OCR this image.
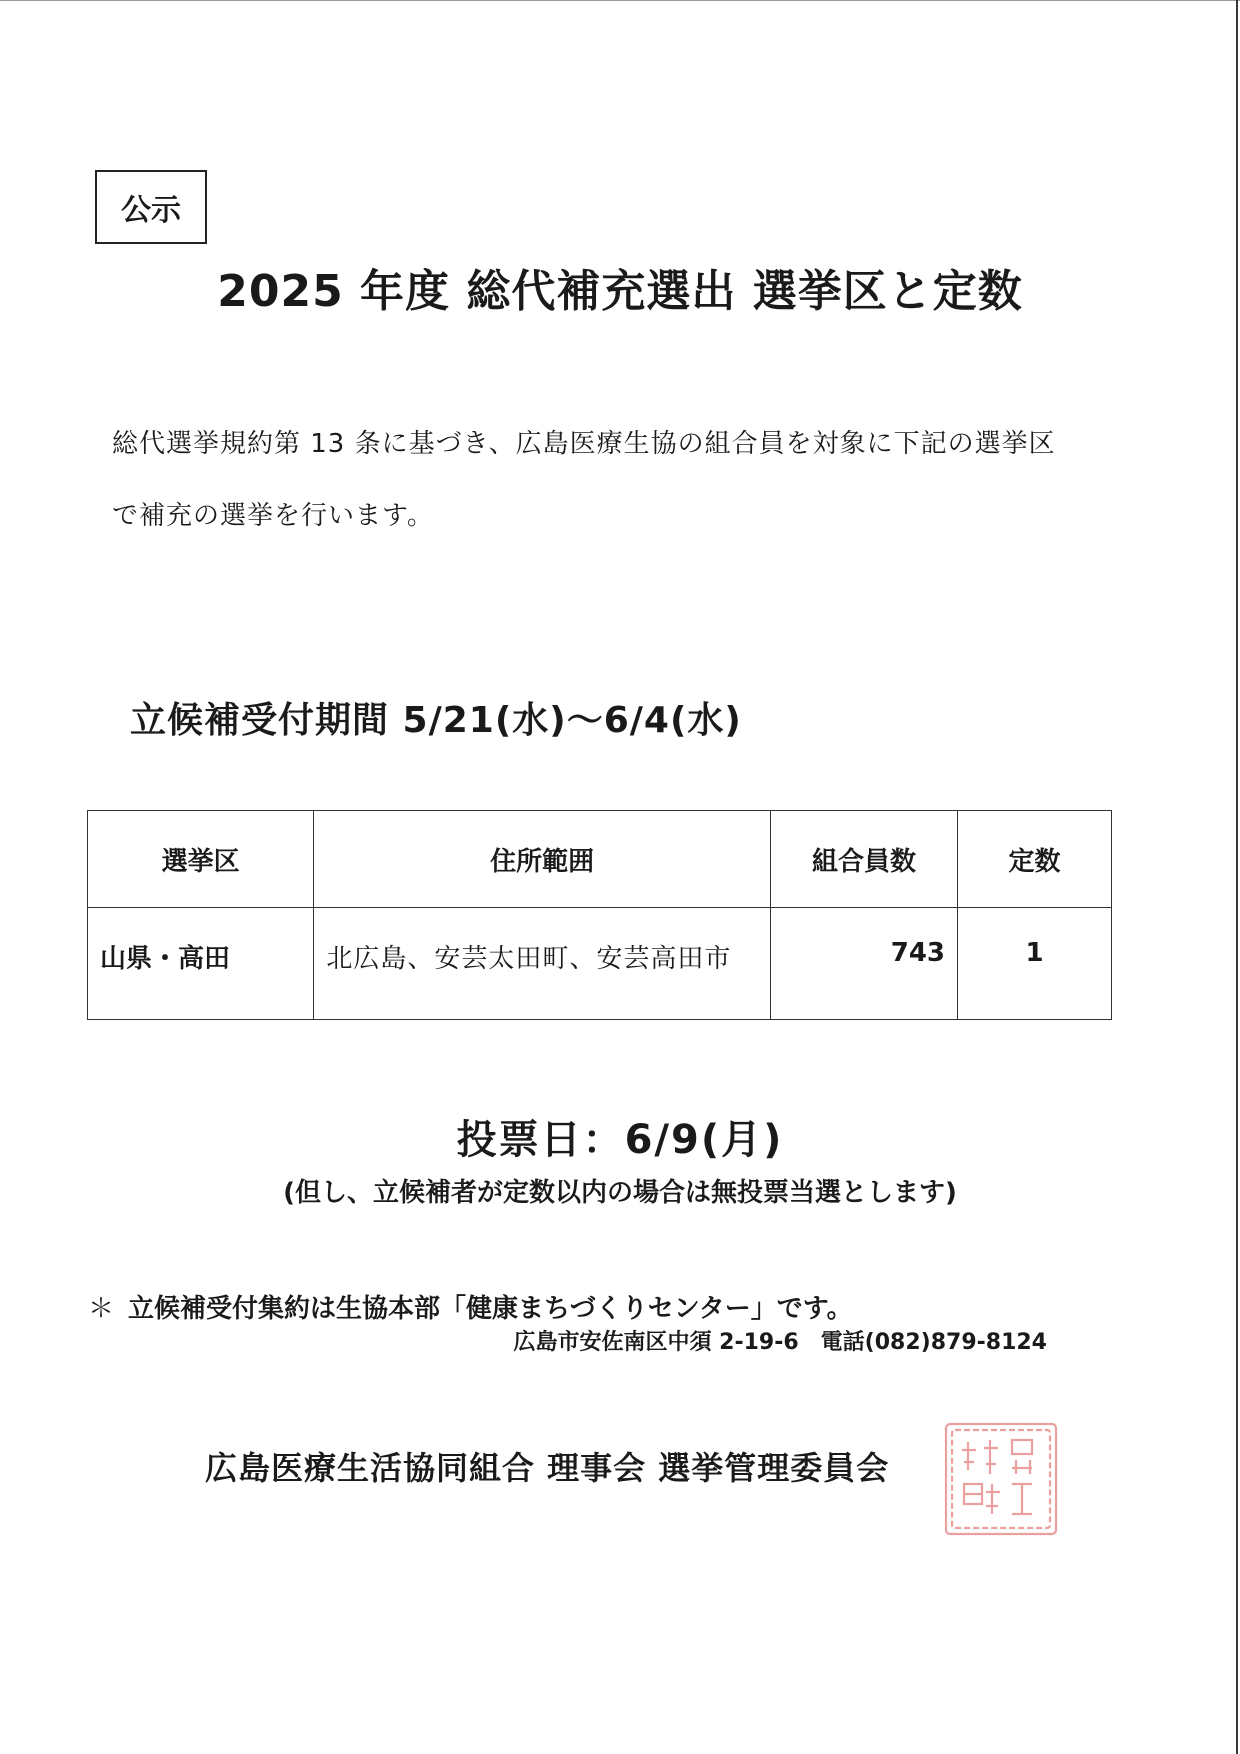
公示
2025 年度 総代補充選出 選挙区と定数
総代選挙規約第 13 条に基づき、広島医療生協の組合員を対象に下記の選挙区
で補充の選挙を行います。
立候補受付期間 5/21(水)～6/4(水)
選挙区	住所範囲	組合員数	定数
山県・高田	北広島、安芸太田町、安芸高田市	743	1
投票日：6/9(月)
(但し、立候補者が定数以内の場合は無投票当選とします)
＊ 立候補受付集約は生協本部「健康まちづくりセンター」です。
広島市安佐南区中須 2-19-6 電話(082)879-8124
広島医療生活協同組合 理事会 選挙管理委員会
